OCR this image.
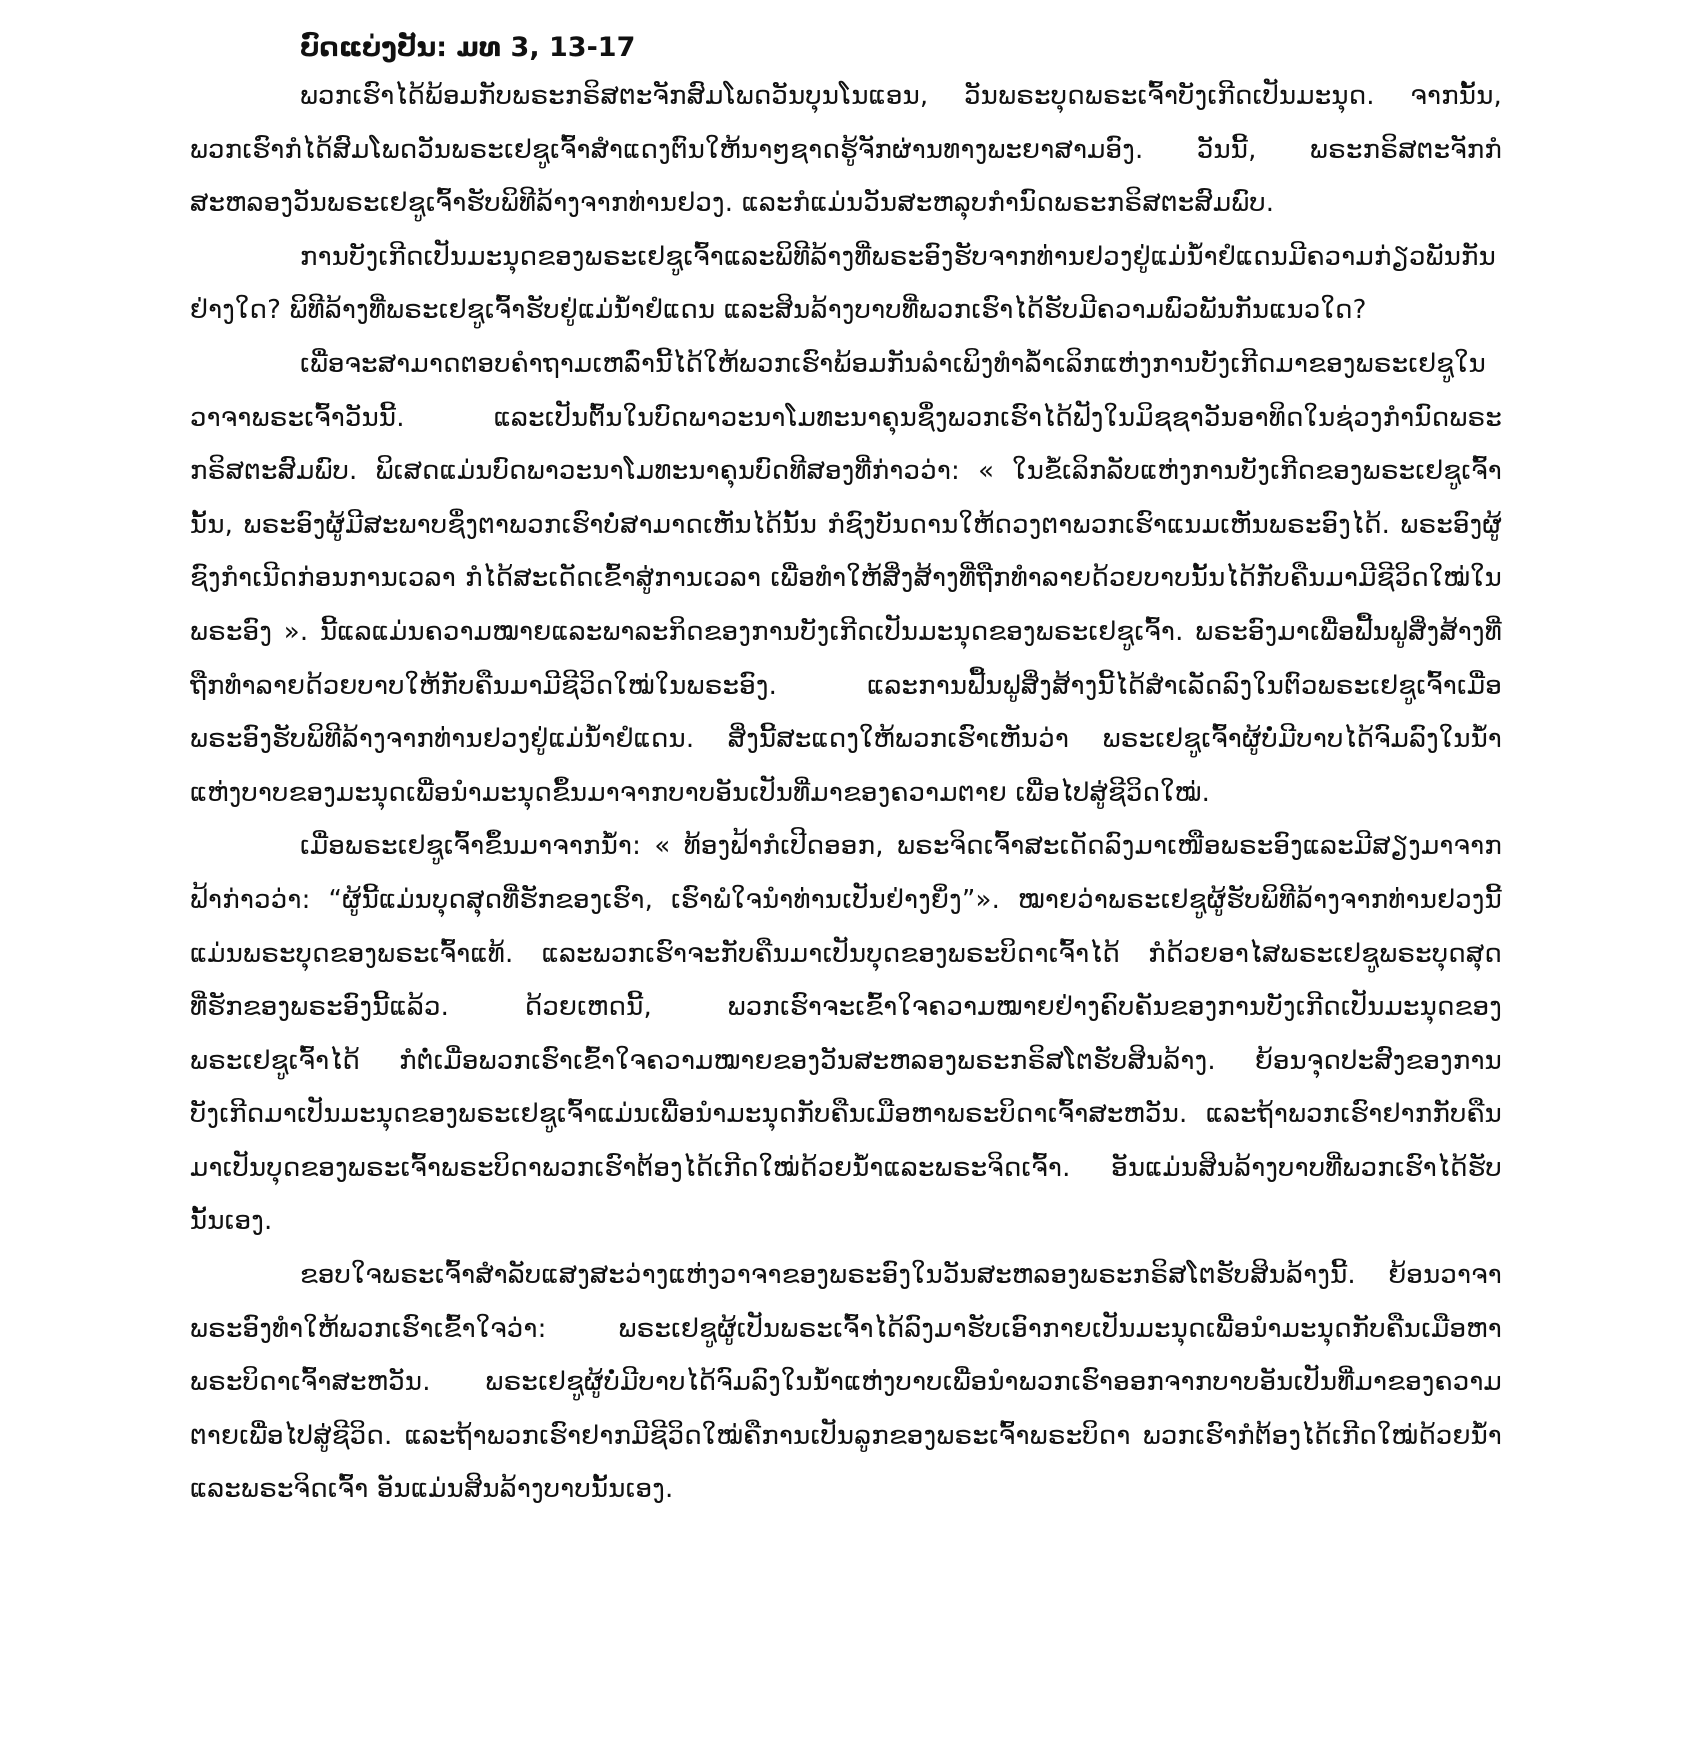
ບົດແບ່ງປັນ: ມທ 3, 13-17

ພວກເຮົາໄດ້ພ້ອມກັບພຣະກຣິສຕະຈັກສົມໂພດວັນບຸນໂນແອນ, ວັນພຣະບຸດພຣະເຈົ້າບັງເກີດເປັນມະນຸດ. ຈາກນັ້ນ, ພວກເຮົາກໍໄດ້ສົມໂພດວັນພຣະເຢຊູເຈົ້າສຳແດງຕົນໃຫ້ນາໆຊາດຮູ້ຈັກຜ່ານທາງພະຍາສາມອົງ. ວັນນີ້, ພຣະກຣິສຕະຈັກກໍສະຫລອງວັນພຣະເຢຊູເຈົ້າຮັບພິທີລ້າງຈາກທ່ານຢວງ. ແລະກໍແມ່ນວັນສະຫລຸບກຳນົດພຣະກຣິສຕະສົມພົບ.

ການບັງເກີດເປັນມະນຸດຂອງພຣະເຢຊູເຈົ້າແລະພິທີລ້າງທີ່ພຣະອົງຮັບຈາກທ່ານຢວງຢູ່ແມ່ນ້ຳຢໍແດນມີຄວາມກ່ຽວພັນກັນຢ່າງໃດ? ພິທີລ້າງທີ່ພຣະເຢຊູເຈົ້າຮັບຢູ່ແມ່ນ້ຳຢໍແດນ ແລະສິນລ້າງບາບທີ່ພວກເຮົາໄດ້ຮັບມີຄວາມພົວພັນກັນແນວໃດ?

ເພື່ອຈະສາມາດຕອບຄຳຖາມເຫລົ່ານີ້ໄດ້ໃຫ້ພວກເຮົາພ້ອມກັນລຳເພິງທຳລ້ຳເລິກແຫ່ງການບັງເກີດມາຂອງພຣະເຢຊູໃນວາຈາພຣະເຈົ້າວັນນີ້. ແລະເປັນຕົ້ນໃນບົດພາວະນາໂມທະນາຄຸນຊຶ່ງພວກເຮົາໄດ້ຟັງໃນມິຊຊາວັນອາທິດໃນຊ່ວງກຳນົດພຣະກຣິສຕະສົມພົບ. ພິເສດແມ່ນບົດພາວະນາໂມທະນາຄຸນບົດທີສອງທີ່ກ່າວວ່າ: « ໃນຂໍ້ເລິກລັບແຫ່ງການບັງເກີດຂອງພຣະເຢຊູເຈົ້ານັ້ນ, ພຣະອົງຜູ້ມີສະພາບຊຶ່ງຕາພວກເຮົາບໍ່ສາມາດເຫັນໄດ້ນັ້ນ ກໍຊົງບັນດານໃຫ້ດວງຕາພວກເຮົາແນມເຫັນພຣະອົງໄດ້. ພຣະອົງຜູ້ຊົງກຳເນີດກ່ອນການເວລາ ກໍໄດ້ສະເດັດເຂົ້າສູ່ການເວລາ ເພື່ອທຳໃຫ້ສິ່ງສ້າງທີ່ຖືກທຳລາຍດ້ວຍບາບນັ້ນໄດ້ກັບຄືນມາມີຊີວິດໃໝ່ໃນພຣະອົງ ». ນີ້ແລແມ່ນຄວາມໝາຍແລະພາລະກິດຂອງການບັງເກີດເປັນມະນຸດຂອງພຣະເຢຊູເຈົ້າ. ພຣະອົງມາເພື່ອຟື້ນຟູສິ່ງສ້າງທີ່ຖືກທຳລາຍດ້ວຍບາບໃຫ້ກັບຄືນມາມີຊີວິດໃໝ່ໃນພຣະອົງ. ແລະການຟື້ນຟູສິ່ງສ້າງນີ້ໄດ້ສຳເລັດລົງໃນຕົວພຣະເຢຊູເຈົ້າເມື່ອພຣະອົງຮັບພິທີລ້າງຈາກທ່ານຢວງຢູ່ແມ່ນ້ຳຢໍແດນ. ສິ່ງນີ້ສະແດງໃຫ້ພວກເຮົາເຫັນວ່າ ພຣະເຢຊູເຈົ້າຜູ້ບໍ່ມີບາບໄດ້ຈົມລົງໃນນ້ຳແຫ່ງບາບຂອງມະນຸດເພື່ອນຳມະນຸດຂຶ້ນມາຈາກບາບອັນເປັນທີ່ມາຂອງຄວາມຕາຍ ເພື່ອໄປສູ່ຊີວິດໃໝ່.

ເມື່ອພຣະເຢຊູເຈົ້າຂຶ້ນມາຈາກນ້ຳ: « ທ້ອງຟ້າກໍເປີດອອກ, ພຣະຈິດເຈົ້າສະເດັດລົງມາເໜືອພຣະອົງແລະມີສຽງມາຈາກຟ້າກ່າວວ່າ: “ຜູ້ນີ້ແມ່ນບຸດສຸດທີ່ຮັກຂອງເຮົາ, ເຮົາພໍໃຈນຳທ່ານເປັນຢ່າງຍິ່ງ”». ໝາຍວ່າພຣະເຢຊູຜູ້ຮັບພິທີລ້າງຈາກທ່ານຢວງນີ້ແມ່ນພຣະບຸດຂອງພຣະເຈົ້າແທ້. ແລະພວກເຮົາຈະກັບຄືນມາເປັນບຸດຂອງພຣະບິດາເຈົ້າໄດ້ ກໍດ້ວຍອາໄສພຣະເຢຊູພຣະບຸດສຸດທີ່ຮັກຂອງພຣະອົງນີ້ແລ້ວ. ດ້ວຍເຫດນີ້, ພວກເຮົາຈະເຂົ້າໃຈຄວາມໝາຍຢ່າງຄົບຄັນຂອງການບັງເກີດເປັນມະນຸດຂອງພຣະເຢຊູເຈົ້າໄດ້ ກໍຕໍ່ເມື່ອພວກເຮົາເຂົ້າໃຈຄວາມໝາຍຂອງວັນສະຫລອງພຣະກຣິສໂຕຮັບສິນລ້າງ. ຍ້ອນຈຸດປະສົງຂອງການບັງເກີດມາເປັນມະນຸດຂອງພຣະເຢຊູເຈົ້າແມ່ນເພື່ອນຳມະນຸດກັບຄືນເມືອຫາພຣະບິດາເຈົ້າສະຫວັນ. ແລະຖ້າພວກເຮົາຢາກກັບຄືນມາເປັນບຸດຂອງພຣະເຈົ້າພຣະບິດາພວກເຮົາຕ້ອງໄດ້ເກີດໃໝ່ດ້ວຍນ້ຳແລະພຣະຈິດເຈົ້າ. ອັນແມ່ນສິນລ້າງບາບທີ່ພວກເຮົາໄດ້ຮັບນັ້ນເອງ.

ຂອບໃຈພຣະເຈົ້າສຳລັບແສງສະວ່າງແຫ່ງວາຈາຂອງພຣະອົງໃນວັນສະຫລອງພຣະກຣິສໂຕຮັບສິນລ້າງນີ້. ຍ້ອນວາຈາພຣະອົງທຳໃຫ້ພວກເຮົາເຂົ້າໃຈວ່າ: ພຣະເຢຊູຜູ້ເປັນພຣະເຈົ້າໄດ້ລົງມາຮັບເອົາກາຍເປັນມະນຸດເພື່ອນຳມະນຸດກັບຄືນເມືອຫາພຣະບິດາເຈົ້າສະຫວັນ. ພຣະເຢຊູຜູ້ບໍ່ມີບາບໄດ້ຈົມລົງໃນນ້ຳແຫ່ງບາບເພື່ອນຳພວກເຮົາອອກຈາກບາບອັນເປັນທີ່ມາຂອງຄວາມຕາຍເພື່ອໄປສູ່ຊີວິດ. ແລະຖ້າພວກເຮົາຢາກມີຊີວິດໃໝ່ຄືການເປັນລູກຂອງພຣະເຈົ້າພຣະບິດາ ພວກເຮົາກໍຕ້ອງໄດ້ເກີດໃໝ່ດ້ວຍນ້ຳແລະພຣະຈິດເຈົ້າ ອັນແມ່ນສິນລ້າງບາບນັ້ນເອງ.
